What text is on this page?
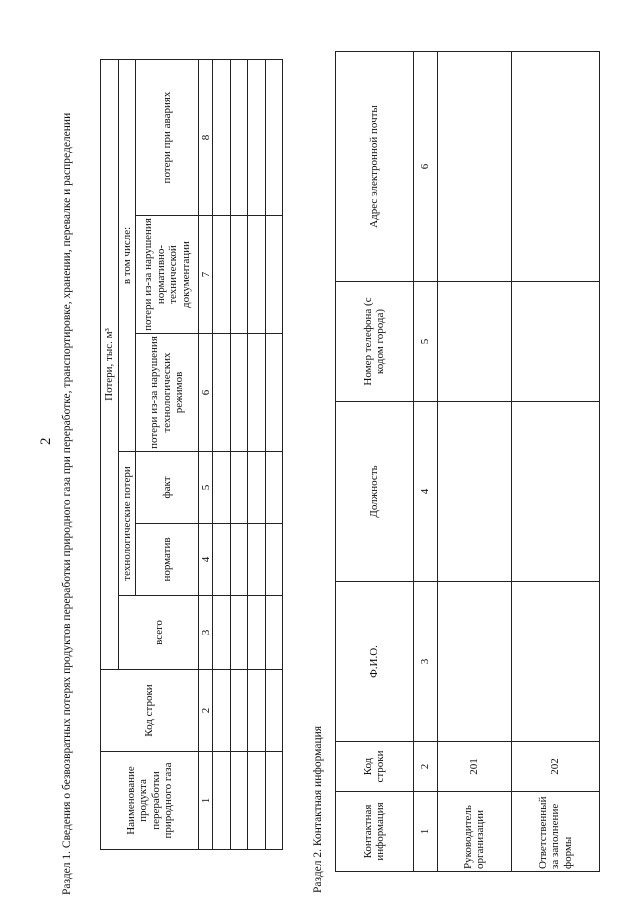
2 Раздел 1. Сведения о безвозвратных потерях продуктов переработки природного газа при переработке, транспортировке, хранении, перевалке и распределении	Наименование продукта переработки природного газа	Код строки	Потери, тыс. м³					
		всего	технологические потери		в том числе:		
			норматив	факт	потери из-за нарушения технологических режимов	потери из-за нарушения нормативно-технической документации	потери при авариях
1	2	3	4	5	6	7	8

Раздел 2. Контактная информация	Контактная информация	Код строки	Ф.И.О.	Должность	Номер телефона (с кодом города)	Адрес электронной почты
1	2	3	4	5	6
Руководитель организации	201				
Ответственный за заполнение формы	202				
